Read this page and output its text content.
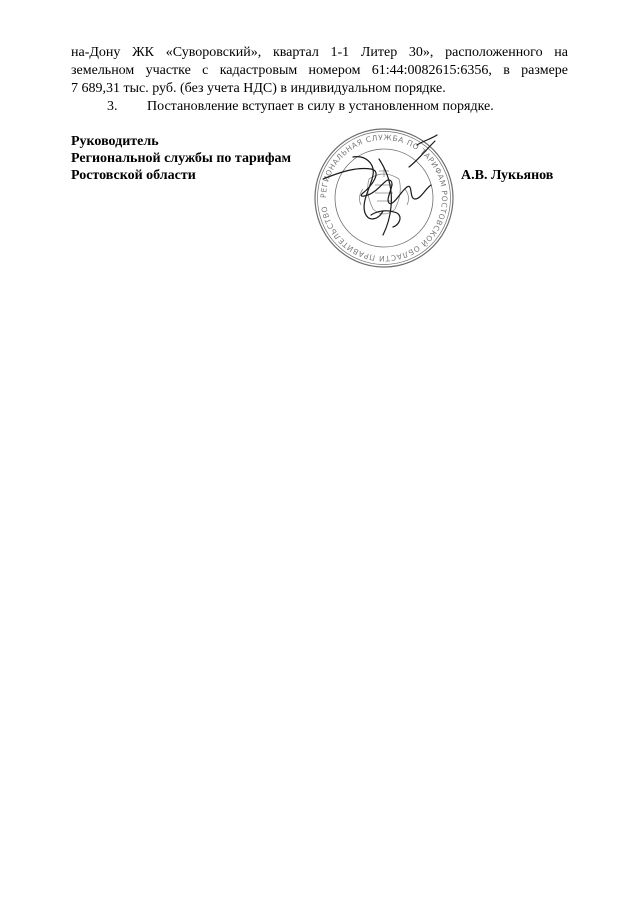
на-Дону ЖК «Суворовский», квартал 1-1 Литер 30», расположенного на
земельном участке с кадастровым номером 61:44:0082615:6356, в размере
7 689,31 тыс. руб. (без учета НДС) в индивидуальном порядке.
3. Постановление вступает в силу в установленном порядке.
Руководитель
Региональной службы по тарифам
Ростовской области
РЕГИОНАЛЬНАЯ СЛУЖБА ПО ТАРИФАМ РОСТОВСКОЙ ОБЛАСТИ ПРАВИТЕЛЬСТВО
А.В. Лукьянов
